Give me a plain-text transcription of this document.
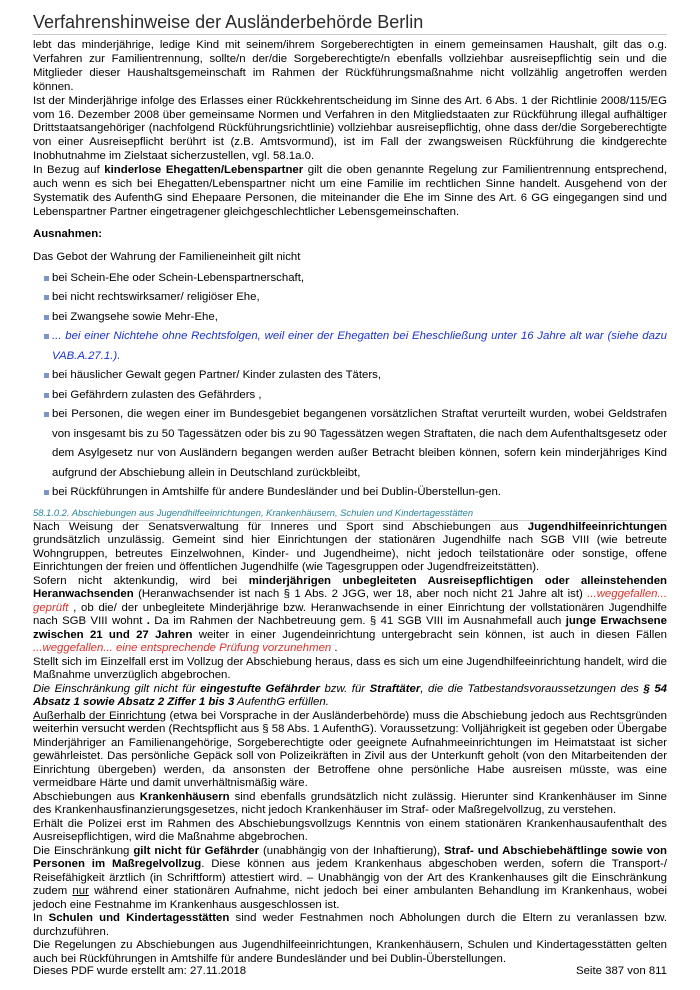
Verfahrenshinweise der Ausländerbehörde Berlin

lebt das minderjährige, ledige Kind mit seinem/ihrem Sorgeberechtigten in einem gemeinsamen Haushalt, gilt das o.g. Verfahren zur Familientrennung, sollte/n der/die Sorgeberechtigte/n ebenfalls vollziehbar ausreisepflichtig sein und die Mitglieder dieser Haushaltsgemeinschaft im Rahmen der Rückführungsmaßnahme nicht vollzählig angetroffen werden können.

Ist der Minderjährige infolge des Erlasses einer Rückkehrentscheidung im Sinne des Art. 6 Abs. 1 der Richtlinie 2008/115/EG vom 16. Dezember 2008 über gemeinsame Normen und Verfahren in den Mitgliedstaaten zur Rückführung illegal aufhältiger Drittstaatsangehöriger (nachfolgend Rückführungsrichtlinie) vollziehbar ausreisepflichtig, ohne dass der/die Sorgeberechtigte von einer Ausreisepflicht berührt ist (z.B. Amtsvormund), ist im Fall der zwangsweisen Rückführung die kindgerechte Inobhutnahme im Zielstaat sicherzustellen, vgl. 58.1a.0.

In Bezug auf kinderlose Ehegatten/Lebenspartner gilt die oben genannte Regelung zur Familientrennung entsprechend, auch wenn es sich bei Ehegatten/Lebenspartner nicht um eine Familie im rechtlichen Sinne handelt. Ausgehend von der Systematik des AufenthG sind Ehepaare Personen, die miteinander die Ehe im Sinne des Art. 6 GG eingegangen sind und Lebenspartner Partner eingetragener gleichgeschlechtlicher Lebensgemeinschaften.

Ausnahmen:

Das Gebot der Wahrung der Familieneinheit gilt nicht

bei Schein-Ehe oder Schein-Lebenspartnerschaft,
bei nicht rechtswirksamer/ religiöser Ehe,
bei Zwangsehe sowie Mehr-Ehe,
... bei einer Nichtehe ohne Rechtsfolgen, weil einer der Ehegatten bei Eheschließung unter 16 Jahre alt war (siehe dazu VAB.A.27.1.).
bei häuslicher Gewalt gegen Partner/ Kinder zulasten des Täters,
bei Gefährdern zulasten des Gefährders ,
bei Personen, die wegen einer im Bundesgebiet begangenen vorsätzlichen Straftat verurteilt wurden, wobei Geldstrafen von insgesamt bis zu 50 Tagessätzen oder bis zu 90 Tagessätzen wegen Straftaten, die nach dem Aufenthaltsgesetz oder dem Asylgesetz nur von Ausländern begangen werden außer Betracht bleiben können, sofern kein minderjähriges Kind aufgrund der Abschiebung allein in Deutschland zurückbleibt,
bei Rückführungen in Amtshilfe für andere Bundesländer und bei Dublin-Überstellun-gen.

58.1.0.2. Abschiebungen aus Jugendhilfeeinrichtungen, Krankenhäusern, Schulen und Kindertagesstätten

Nach Weisung der Senatsverwaltung für Inneres und Sport sind Abschiebungen aus Jugendhilfeeinrichtungen grundsätzlich unzulässig. Gemeint sind hier Einrichtungen der stationären Jugendhilfe nach SGB VIII (wie betreute Wohngruppen, betreutes Einzelwohnen, Kinder- und Jugendheime), nicht jedoch teilstationäre oder sonstige, offene Einrichtungen der freien und öffentlichen Jugendhilfe (wie Tagesgruppen oder Jugendfreizeitstätten).

Sofern nicht aktenkundig, wird bei minderjährigen unbegleiteten Ausreisepflichtigen oder alleinstehenden Heranwachsenden (Heranwachsender ist nach § 1 Abs. 2 JGG, wer 18, aber noch nicht 21 Jahre alt ist) ...weggefallen... geprüft , ob die/ der unbegleitete Minderjährige bzw. Heranwachsende in einer Einrichtung der vollstationären Jugendhilfe nach SGB VIII wohnt . Da im Rahmen der Nachbetreuung gem. § 41 SGB VIII im Ausnahmefall auch junge Erwachsene zwischen 21 und 27 Jahren weiter in einer Jugendeinrichtung untergebracht sein können, ist auch in diesen Fällen ...weggefallen... eine entsprechende Prüfung vorzunehmen .

Stellt sich im Einzelfall erst im Vollzug der Abschiebung heraus, dass es sich um eine Jugendhilfeeinrichtung handelt, wird die Maßnahme unverzüglich abgebrochen.

Die Einschränkung gilt nicht für eingestufte Gefährder bzw. für Straftäter, die die Tatbestandsvoraussetzungen des § 54 Absatz 1 sowie Absatz 2 Ziffer 1 bis 3 AufenthG erfüllen.

Außerhalb der Einrichtung (etwa bei Vorsprache in der Ausländerbehörde) muss die Abschiebung jedoch aus Rechtsgründen weiterhin versucht werden (Rechtspflicht aus § 58 Abs. 1 AufenthG). Voraussetzung: Volljährigkeit ist gegeben oder Übergabe Minderjähriger an Familienangehörige, Sorgeberechtigte oder geeignete Aufnahmeeinrichtungen im Heimatstaat ist sicher gewährleistet. Das persönliche Gepäck soll von Polizeikräften in Zivil aus der Unterkunft geholt (von den Mitarbeitenden der Einrichtung übergeben) werden, da ansonsten der Betroffene ohne persönliche Habe ausreisen müsste, was eine vermeidbare Härte und damit unverhältnismäßig wäre.

Abschiebungen aus Krankenhäusern sind ebenfalls grundsätzlich nicht zulässig. Hierunter sind Krankenhäuser im Sinne des Krankenhausfinanzierungsgesetzes, nicht jedoch Krankenhäuser im Straf- oder Maßregelvollzug, zu verstehen.

Erhält die Polizei erst im Rahmen des Abschiebungsvollzugs Kenntnis von einem stationären Krankenhausaufenthalt des Ausreisepflichtigen, wird die Maßnahme abgebrochen.

Die Einschränkung gilt nicht für Gefährder (unabhängig von der Inhaftierung), Straf- und Abschiebehäftlinge sowie von Personen im Maßregelvollzug. Diese können aus jedem Krankenhaus abgeschoben werden, sofern die Transport-/ Reisefähigkeit ärztlich (in Schriftform) attestiert wird. – Unabhängig von der Art des Krankenhauses gilt die Einschränkung zudem nur während einer stationären Aufnahme, nicht jedoch bei einer ambulanten Behandlung im Krankenhaus, wobei jedoch eine Festnahme im Krankenhaus ausgeschlossen ist.

In Schulen und Kindertagesstätten sind weder Festnahmen noch Abholungen durch die Eltern zu veranlassen bzw. durchzuführen.

Die Regelungen zu Abschiebungen aus Jugendhilfeeinrichtungen, Krankenhäusern, Schulen und Kindertagesstätten gelten auch bei Rückführungen in Amtshilfe für andere Bundesländer und bei Dublin-Überstellungen.

Dieses PDF wurde erstellt am: 27.11.2018	Seite 387 von 811
